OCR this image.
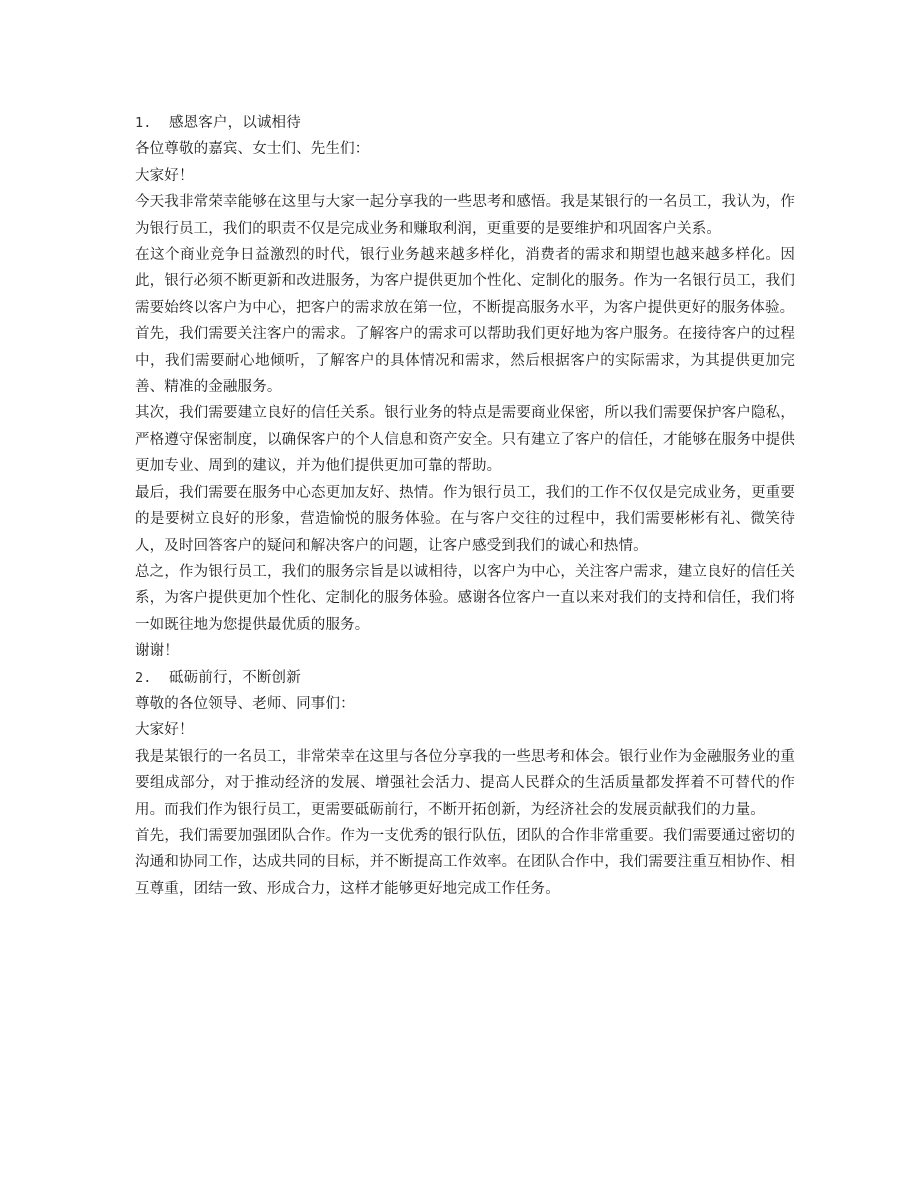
1. 感恩客户，以诚相待

各位尊敬的嘉宾、女士们、先生们：

大家好！

今天我非常荣幸能够在这里与大家一起分享我的一些思考和感悟。我是某银行的一名员工，我认为，作为银行员工，我们的职责不仅是完成业务和赚取利润，更重要的是要维护和巩固客户关系。

在这个商业竞争日益激烈的时代，银行业务越来越多样化，消费者的需求和期望也越来越多样化。因此，银行必须不断更新和改进服务，为客户提供更加个性化、定制化的服务。作为一名银行员工，我们需要始终以客户为中心，把客户的需求放在第一位，不断提高服务水平，为客户提供更好的服务体验。

首先，我们需要关注客户的需求。了解客户的需求可以帮助我们更好地为客户服务。在接待客户的过程中，我们需要耐心地倾听，了解客户的具体情况和需求，然后根据客户的实际需求，为其提供更加完善、精准的金融服务。

其次，我们需要建立良好的信任关系。银行业务的特点是需要商业保密，所以我们需要保护客户隐私，严格遵守保密制度，以确保客户的个人信息和资产安全。只有建立了客户的信任，才能够在服务中提供更加专业、周到的建议，并为他们提供更加可靠的帮助。

最后，我们需要在服务中心态更加友好、热情。作为银行员工，我们的工作不仅仅是完成业务，更重要的是要树立良好的形象，营造愉悦的服务体验。在与客户交往的过程中，我们需要彬彬有礼、微笑待人，及时回答客户的疑问和解决客户的问题，让客户感受到我们的诚心和热情。

总之，作为银行员工，我们的服务宗旨是以诚相待，以客户为中心，关注客户需求，建立良好的信任关系，为客户提供更加个性化、定制化的服务体验。感谢各位客户一直以来对我们的支持和信任，我们将一如既往地为您提供最优质的服务。

谢谢！

2. 砥砺前行，不断创新

尊敬的各位领导、老师、同事们：

大家好！

我是某银行的一名员工，非常荣幸在这里与各位分享我的一些思考和体会。银行业作为金融服务业的重要组成部分，对于推动经济的发展、增强社会活力、提高人民群众的生活质量都发挥着不可替代的作用。而我们作为银行员工，更需要砥砺前行，不断开拓创新，为经济社会的发展贡献我们的力量。

首先，我们需要加强团队合作。作为一支优秀的银行队伍，团队的合作非常重要。我们需要通过密切的沟通和协同工作，达成共同的目标，并不断提高工作效率。在团队合作中，我们需要注重互相协作、相互尊重，团结一致、形成合力，这样才能够更好地完成工作任务。
